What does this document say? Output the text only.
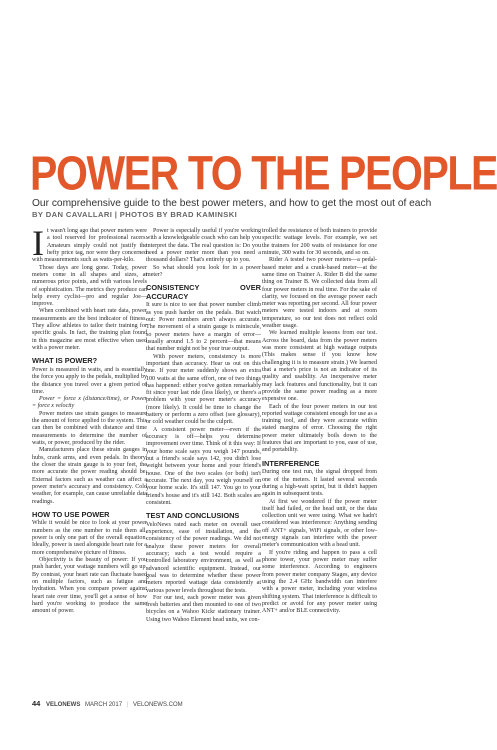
POWER TO THE PEOPLE
Our comprehensive guide to the best power meters, and how to get the most out of each
BY DAN CAVALLARI | PHOTOS BY BRAD KAMINSKI

It wasn't long ago that power meters were a tool reserved for professional racers. Amateurs simply could not justify the hefty price tag, nor were they concerned with measurements such as watts-per-kilo.

Those days are long gone. Today, power meters come in all shapes and sizes, at numerous price points, and with various levels of sophistication. The metrics they produce can help every cyclist—pro and regular Joe—improve.

When combined with heart rate data, power measurements are the best indicator of fitness. They allow athletes to tailor their training for specific goals. In fact, the training plan found in this magazine are most effective when used with a power meter.

WHAT IS POWER?

Power is measured in watts, and is essentially the force you apply to the pedals, multiplied by the distance you travel over a given period of time.

Power = force x (distance/time), or Power = force x velocity

Power meters use strain gauges to measure the amount of force applied to the system. This can then be combined with distance and time measurements to determine the number of watts, or power, produced by the rider.

Manufacturers place these strain gauges in hubs, crank arms, and even pedals. In theory, the closer the strain gauge is to your feet, the more accurate the power reading should be. External factors such as weather can affect a power meter's accuracy and consistency. Cold weather, for example, can cause unreliable data readings.

HOW TO USE POWER

While it would be nice to look at your power numbers as the one number to rule them all, power is only one part of the overall equation. Ideally, power is used alongside heart rate for a more comprehensive picture of fitness.

Objectivity is the beauty of power: If you push harder, your wattage numbers will go up. By contrast, your heart rate can fluctuate based on multiple factors, such as fatigue and hydration. When you compare power against heart rate over time, you'll get a sense of how hard you're working to produce the same amount of power.

Power is especially useful if you're working with a knowledgeable coach who can help you interpret the data. The real question is: Do you need a power meter more than you need a thousand dollars? That's entirely up to you.

So what should you look for in a power meter?

CONSISTENCY OVER ACCURACY

It sure is nice to see that power number climb as you push harder on the pedals. But watch out: Power numbers aren't always accurate. The movement of a strain gauge is miniscule, so power meters have a margin of error—usually around 1.5 to 2 percent—that means that number might not be your true output.

With power meters, consistency is more important than accuracy. Hear us out on this one. If your meter suddenly shows an extra 100 watts at the same effort, one of two things has happened: either you've gotten remarkably fit since your last ride (less likely), or there's a problem with your power meter's accuracy (more likely). It could be time to change the battery or perform a zero offset (see glossary), or cold weather could be the culprit.

A consistent power meter—even if the accuracy is off—helps you determine improvement over time. Think of it this way: If your home scale says you weigh 147 pounds, but a friend's scale says 142, you didn't lose weight between your home and your friend's house. One of the two scales (or both) isn't accurate. The next day, you weigh yourself on your home scale. It's still 147. You go to your friend's house and it's still 142. Both scales are consistent.

TEST AND CONCLUSIONS

VeloNews rated each meter on overall user experience, ease of installation, and the consistency of the power readings. We did not analyze these power meters for overall accuracy; such a test would require a controlled laboratory environment, as well as advanced scientific equipment. Instead, our goal was to determine whether these power meters reported wattage data consistently at various power levels throughout the tests.

For our test, each power meter was given fresh batteries and then mounted to one of two bicycles on a Wahoo Kickr stationary trainer. Using two Wahoo Element head units, we con-

trolled the resistance of both trainers to provide specific wattage levels. For example, we set the trainers for 200 watts of resistance for one minute, 300 watts for 30 seconds, and so on.

Rider A tested two power meters—a pedal-based meter and a crank-based meter—at the same time on Trainer A. Rider B did the same thing on Trainer B. We collected data from all four power meters in real time. For the sake of clarity, we focused on the average power each meter was reporting per second. All four power meters were tested indoors and at room temperature, so our test does not reflect cold weather usage.

We learned multiple lessons from our test. Across the board, data from the power meters was more consistent at high wattage outputs (This makes sense if you know how challenging it is to measure strain.) We learned that a meter's price is not an indicator of its quality and usability. An inexpensive meter may lack features and functionality, but it can provide the same power reading as a more expensive one.

Each of the four power meters in our test reported wattage consistent enough for use as a training tool, and they were accurate within stated margins of error. Choosing the right power meter ultimately boils down to the features that are important to you, ease of use, and portability.

INTERFERENCE

During one test run, the signal dropped from one of the meters. It lasted several seconds during a high-watt sprint, but it didn't happen again in subsequent tests.

At first we wondered if the power meter itself had failed, or the head unit, or the data collection unit we were using. What we hadn't considered was interference: Anything sending off ANT+ signals, WiFi signals, or other low-energy signals can interfere with the power meter's communication with a head unit.

If you're riding and happen to pass a cell phone tower, your power meter may suffer some interference. According to engineers from power meter company Stages, any device using the 2.4 GHz bandwidth can interfere with a power meter, including your wireless shifting system. That interference is difficult to predict or avoid for any power meter using ANT+ and/or BLE connectivity.

44 VELONEWS MARCH 2017 | VELONEWS.COM
